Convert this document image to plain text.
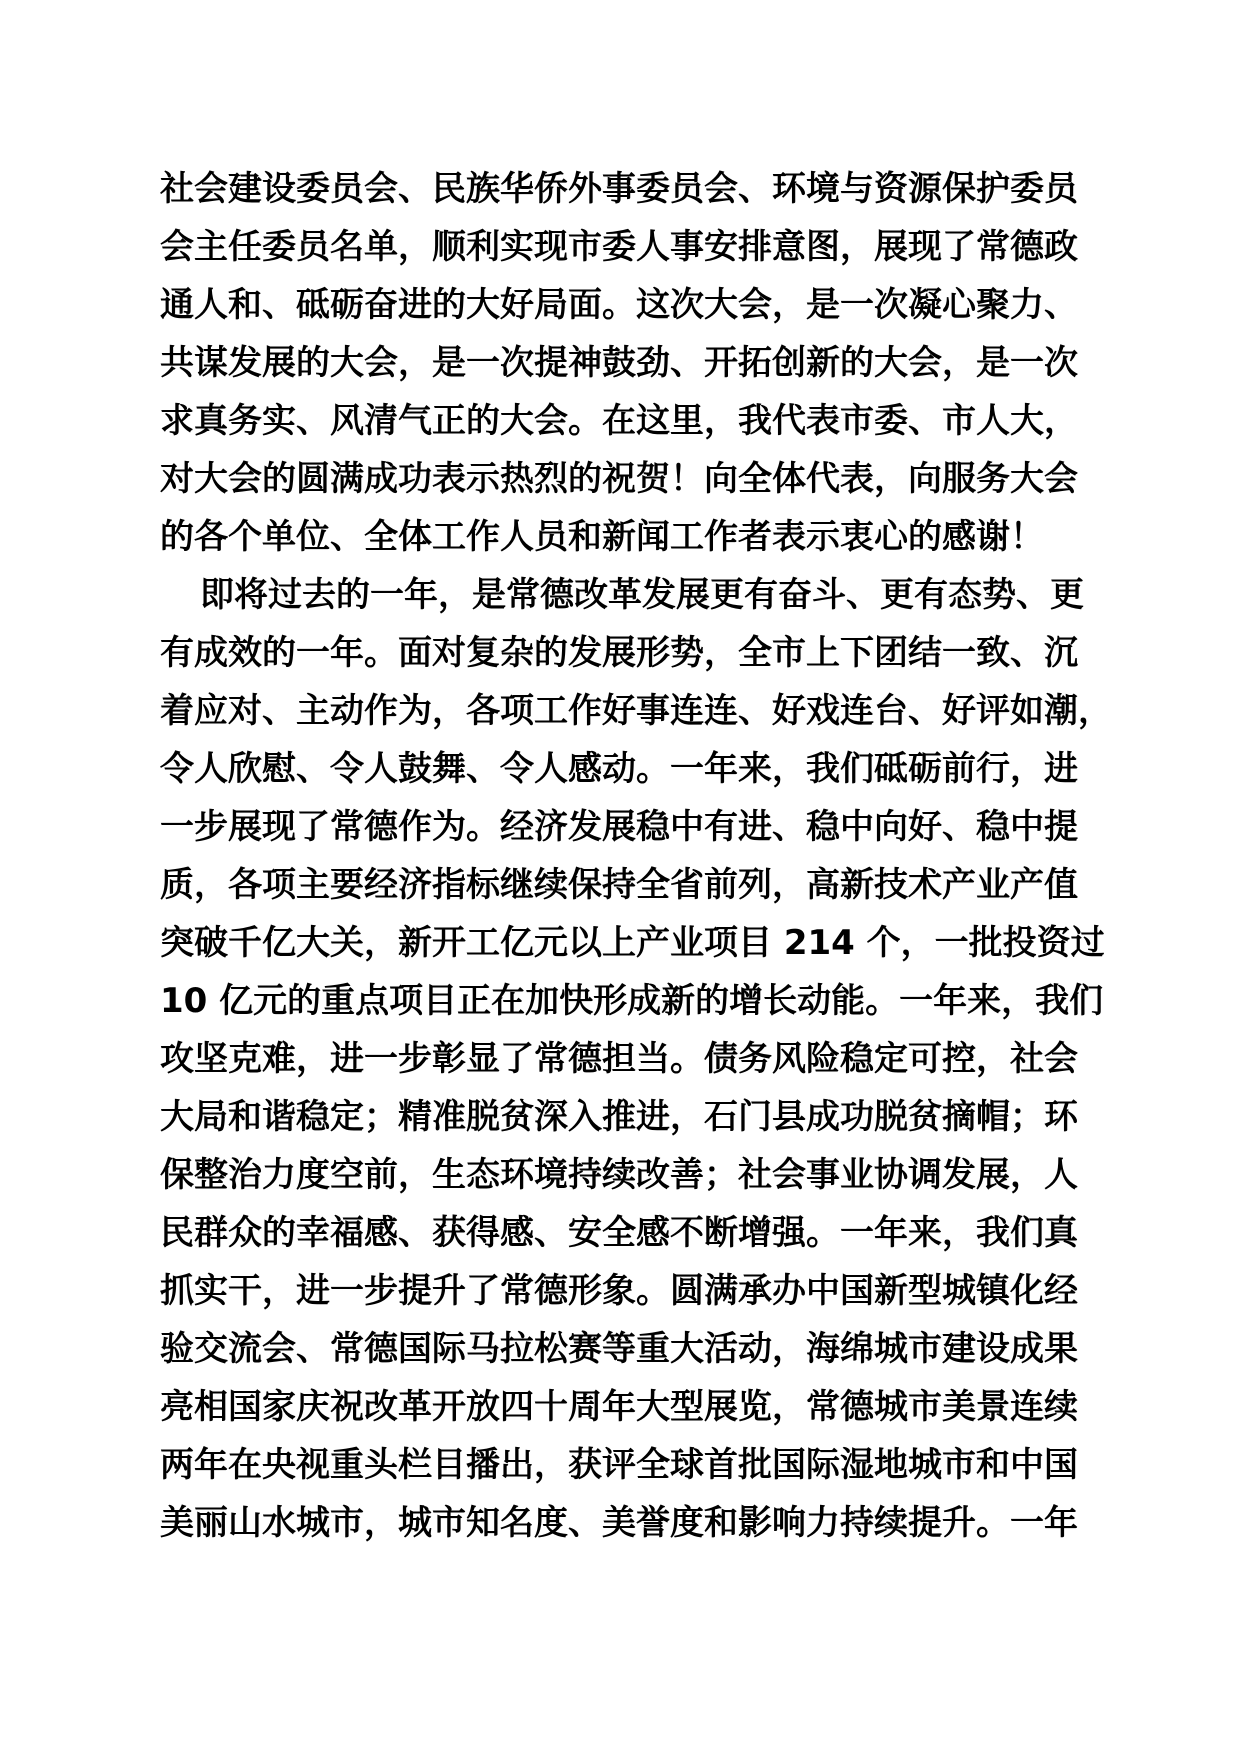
社会建设委员会、民族华侨外事委员会、环境与资源保护委员
会主任委员名单，顺利实现市委人事安排意图，展现了常德政
通人和、砥砺奋进的大好局面。这次大会，是一次凝心聚力、
共谋发展的大会，是一次提神鼓劲、开拓创新的大会，是一次
求真务实、风清气正的大会。在这里，我代表市委、市人大，
对大会的圆满成功表示热烈的祝贺！向全体代表，向服务大会
的各个单位、全体工作人员和新闻工作者表示衷心的感谢！
即将过去的一年，是常德改革发展更有奋斗、更有态势、更
有成效的一年。面对复杂的发展形势，全市上下团结一致、沉
着应对、主动作为，各项工作好事连连、好戏连台、好评如潮，
令人欣慰、令人鼓舞、令人感动。一年来，我们砥砺前行，进
一步展现了常德作为。经济发展稳中有进、稳中向好、稳中提
质，各项主要经济指标继续保持全省前列，高新技术产业产值
突破千亿大关，新开工亿元以上产业项目 214 个，一批投资过
10 亿元的重点项目正在加快形成新的增长动能。一年来，我们
攻坚克难，进一步彰显了常德担当。债务风险稳定可控，社会
大局和谐稳定；精准脱贫深入推进，石门县成功脱贫摘帽；环
保整治力度空前，生态环境持续改善；社会事业协调发展，人
民群众的幸福感、获得感、安全感不断增强。一年来，我们真
抓实干，进一步提升了常德形象。圆满承办中国新型城镇化经
验交流会、常德国际马拉松赛等重大活动，海绵城市建设成果
亮相国家庆祝改革开放四十周年大型展览，常德城市美景连续
两年在央视重头栏目播出，获评全球首批国际湿地城市和中国
美丽山水城市，城市知名度、美誉度和影响力持续提升。一年
